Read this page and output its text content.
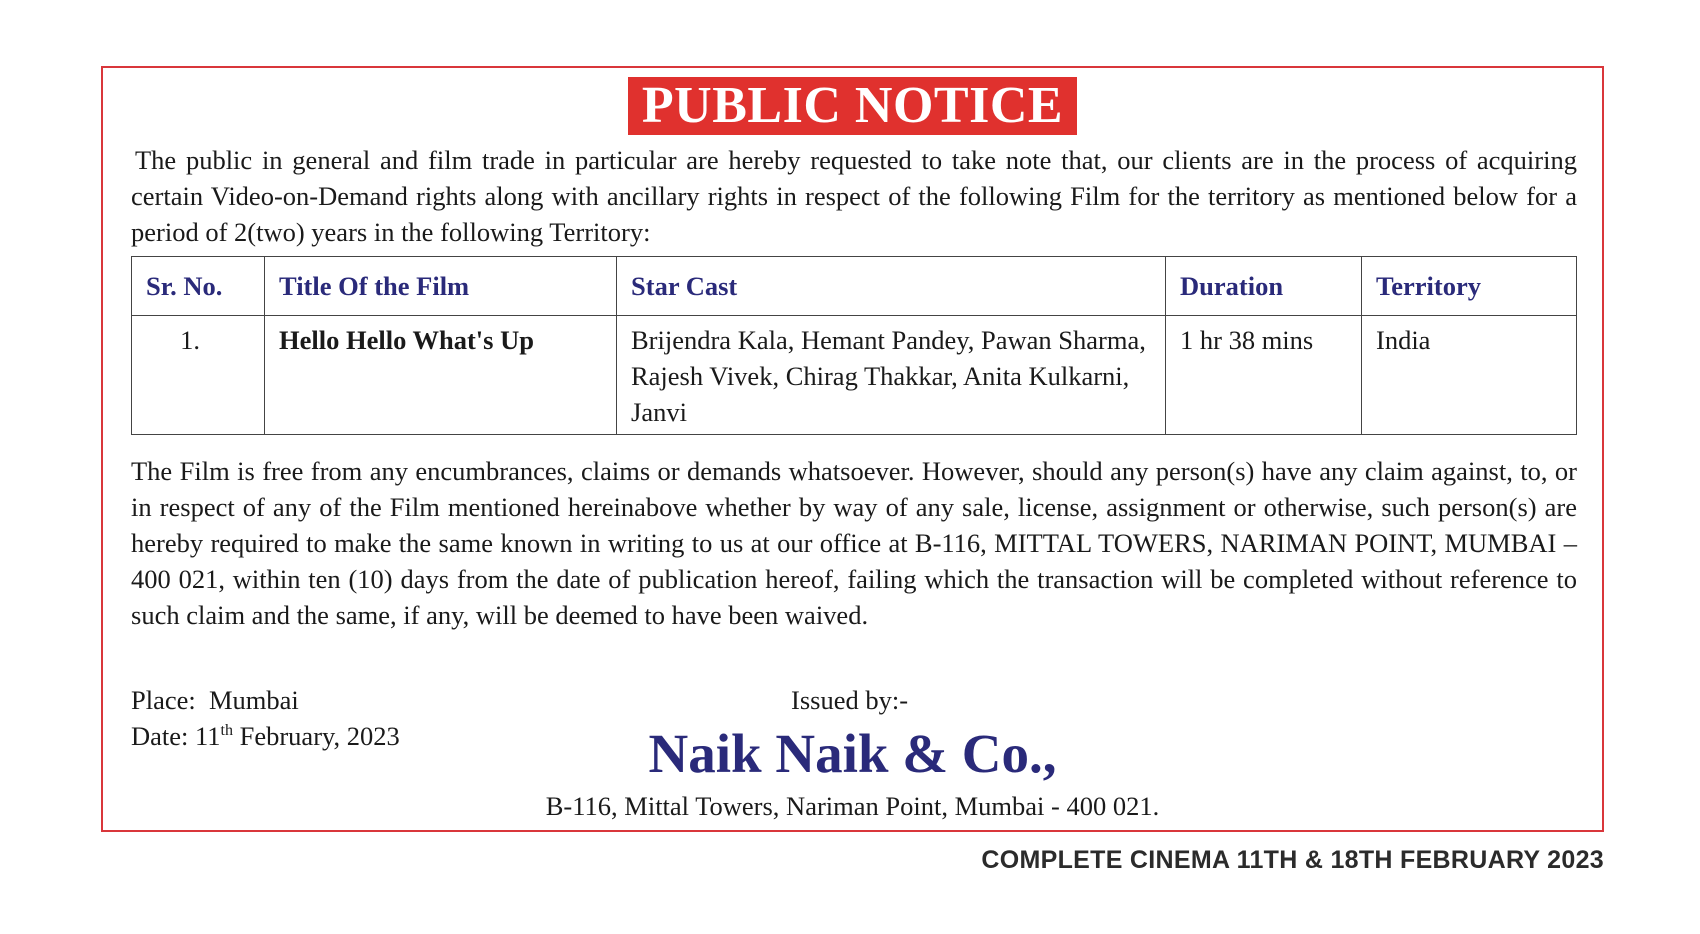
PUBLIC NOTICE

The public in general and film trade in particular are hereby requested to take note that, our clients are in the process of acquiring certain Video-on-Demand rights along with ancillary rights in respect of the following Film for the territory as mentioned below for a period of 2(two) years in the following Territory:

Sr. No.	Title Of the Film	Star Cast	Duration	Territory
1.	Hello Hello What's Up	Brijendra Kala, Hemant Pandey, Pawan Sharma, Rajesh Vivek, Chirag Thakkar, Anita Kulkarni, Janvi	1 hr 38 mins	India

The Film is free from any encumbrances, claims or demands whatsoever. However, should any person(s) have any claim against, to, or in respect of any of the Film mentioned hereinabove whether by way of any sale, license, assignment or otherwise, such person(s) are hereby required to make the same known in writing to us at our office at B-116, MITTAL TOWERS, NARIMAN POINT, MUMBAI – 400 021, within ten (10) days from the date of publication hereof, failing which the transaction will be completed without reference to such claim and the same, if any, will be deemed to have been waived.

Place:  Mumbai
Date: 11th February, 2023
Issued by:-
Naik Naik & Co.,
B-116, Mittal Towers, Nariman Point, Mumbai - 400 021.
COMPLETE CINEMA 11TH & 18TH FEBRUARY 2023
